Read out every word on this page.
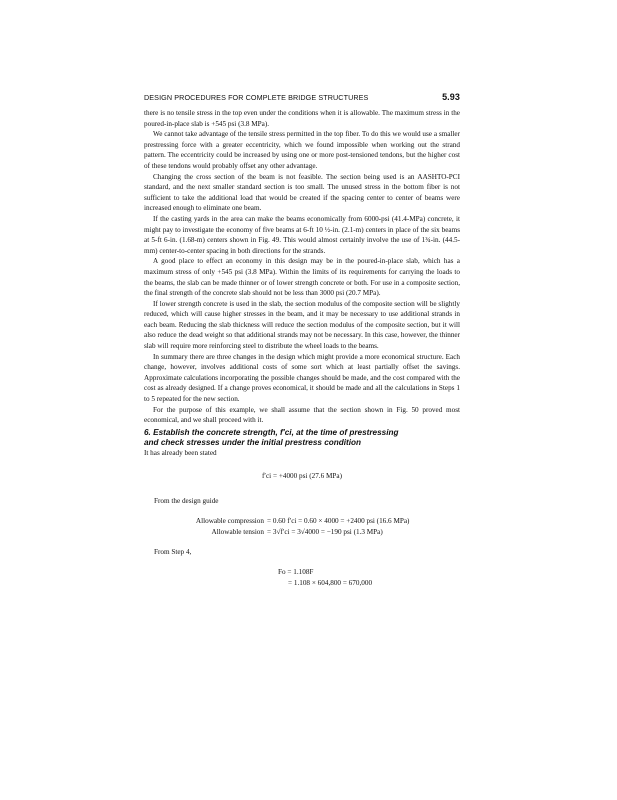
DESIGN PROCEDURES FOR COMPLETE BRIDGE STRUCTURES	5.93

there is no tensile stress in the top even under the conditions when it is allowable. The maximum stress in the poured-in-place slab is +545 psi (3.8 MPa).

We cannot take advantage of the tensile stress permitted in the top fiber. To do this we would use a smaller prestressing force with a greater eccentricity, which we found impossible when working out the strand pattern. The eccentricity could be increased by using one or more post-tensioned tendons, but the higher cost of these tendons would probably offset any other advantage.

Changing the cross section of the beam is not feasible. The section being used is an AASHTO-PCI standard, and the next smaller standard section is too small. The unused stress in the bottom fiber is not sufficient to take the additional load that would be created if the spacing center to center of beams were increased enough to eliminate one beam.

If the casting yards in the area can make the beams economically from 6000-psi (41.4-MPa) concrete, it might pay to investigate the economy of five beams at 6-ft 10 ½-in. (2.1-m) centers in place of the six beams at 5-ft 6-in. (1.68-m) centers shown in Fig. 49. This would almost certainly involve the use of 1¾-in. (44.5-mm) center-to-center spacing in both directions for the strands.

A good place to effect an economy in this design may be in the poured-in-place slab, which has a maximum stress of only +545 psi (3.8 MPa). Within the limits of its requirements for carrying the loads to the beams, the slab can be made thinner or of lower strength concrete or both. For use in a composite section, the final strength of the concrete slab should not be less than 3000 psi (20.7 MPa).

If lower strength concrete is used in the slab, the section modulus of the composite section will be slightly reduced, which will cause higher stresses in the beam, and it may be necessary to use additional strands in each beam. Reducing the slab thickness will reduce the section modulus of the composite section, but it will also reduce the dead weight so that additional strands may not be necessary. In this case, however, the thinner slab will require more reinforcing steel to distribute the wheel loads to the beams.

In summary there are three changes in the design which might provide a more economical structure. Each change, however, involves additional costs of some sort which at least partially offset the savings. Approximate calculations incorporating the possible changes should be made, and the cost compared with the cost as already designed. If a change proves economical, it should be made and all the calculations in Steps 1 to 5 repeated for the new section.

For the purpose of this example, we shall assume that the section shown in Fig. 50 proved most economical, and we shall proceed with it.

6. Establish the concrete strength, f′ci, at the time of prestressing
and check stresses under the initial prestress condition

It has already been stated

f′ci = +4000 psi (27.6 MPa)

From the design guide

Allowable compression = 0.60 f′ci = 0.60 × 4000 = +2400 psi (16.6 MPa)
Allowable tension = 3√f′ci = 3√4000 = −190 psi (1.3 MPa)

From Step 4,

Fo = 1.108F
= 1.108 × 604,800 = 670,000
